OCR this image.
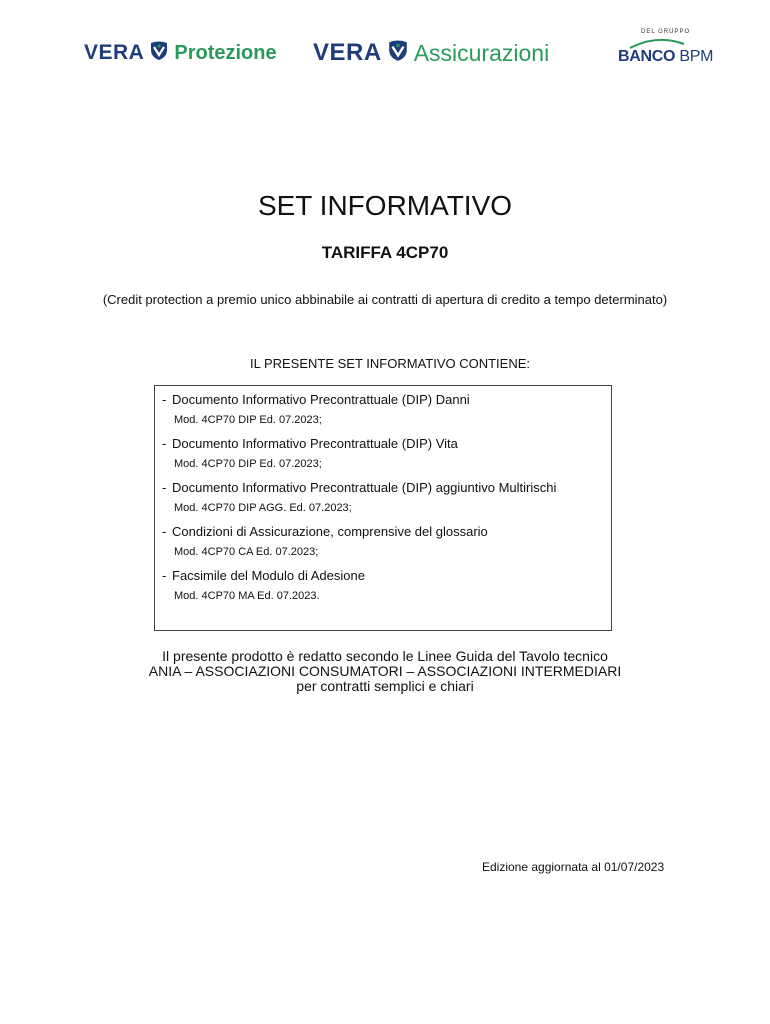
VERA Protezione VERA Assicurazioni
DEL GRUPPO
BANCO BPM
SET INFORMATIVO
TARIFFA 4CP70
(Credit protection a premio unico abbinabile ai contratti di apertura di credito a tempo determinato)
IL PRESENTE SET INFORMATIVO CONTIENE:
- Documento Informativo Precontrattuale (DIP) Danni
Mod. 4CP70 DIP Ed. 07.2023;
- Documento Informativo Precontrattuale (DIP) Vita
Mod. 4CP70 DIP Ed. 07.2023;
- Documento Informativo Precontrattuale (DIP) aggiuntivo Multirischi
Mod. 4CP70 DIP AGG. Ed. 07.2023;
- Condizioni di Assicurazione, comprensive del glossario
Mod. 4CP70 CA Ed. 07.2023;
- Facsimile del Modulo di Adesione
Mod. 4CP70 MA Ed. 07.2023.
Il presente prodotto è redatto secondo le Linee Guida del Tavolo tecnico
ANIA – ASSOCIAZIONI CONSUMATORI – ASSOCIAZIONI INTERMEDIARI
per contratti semplici e chiari
Edizione aggiornata al 01/07/2023
